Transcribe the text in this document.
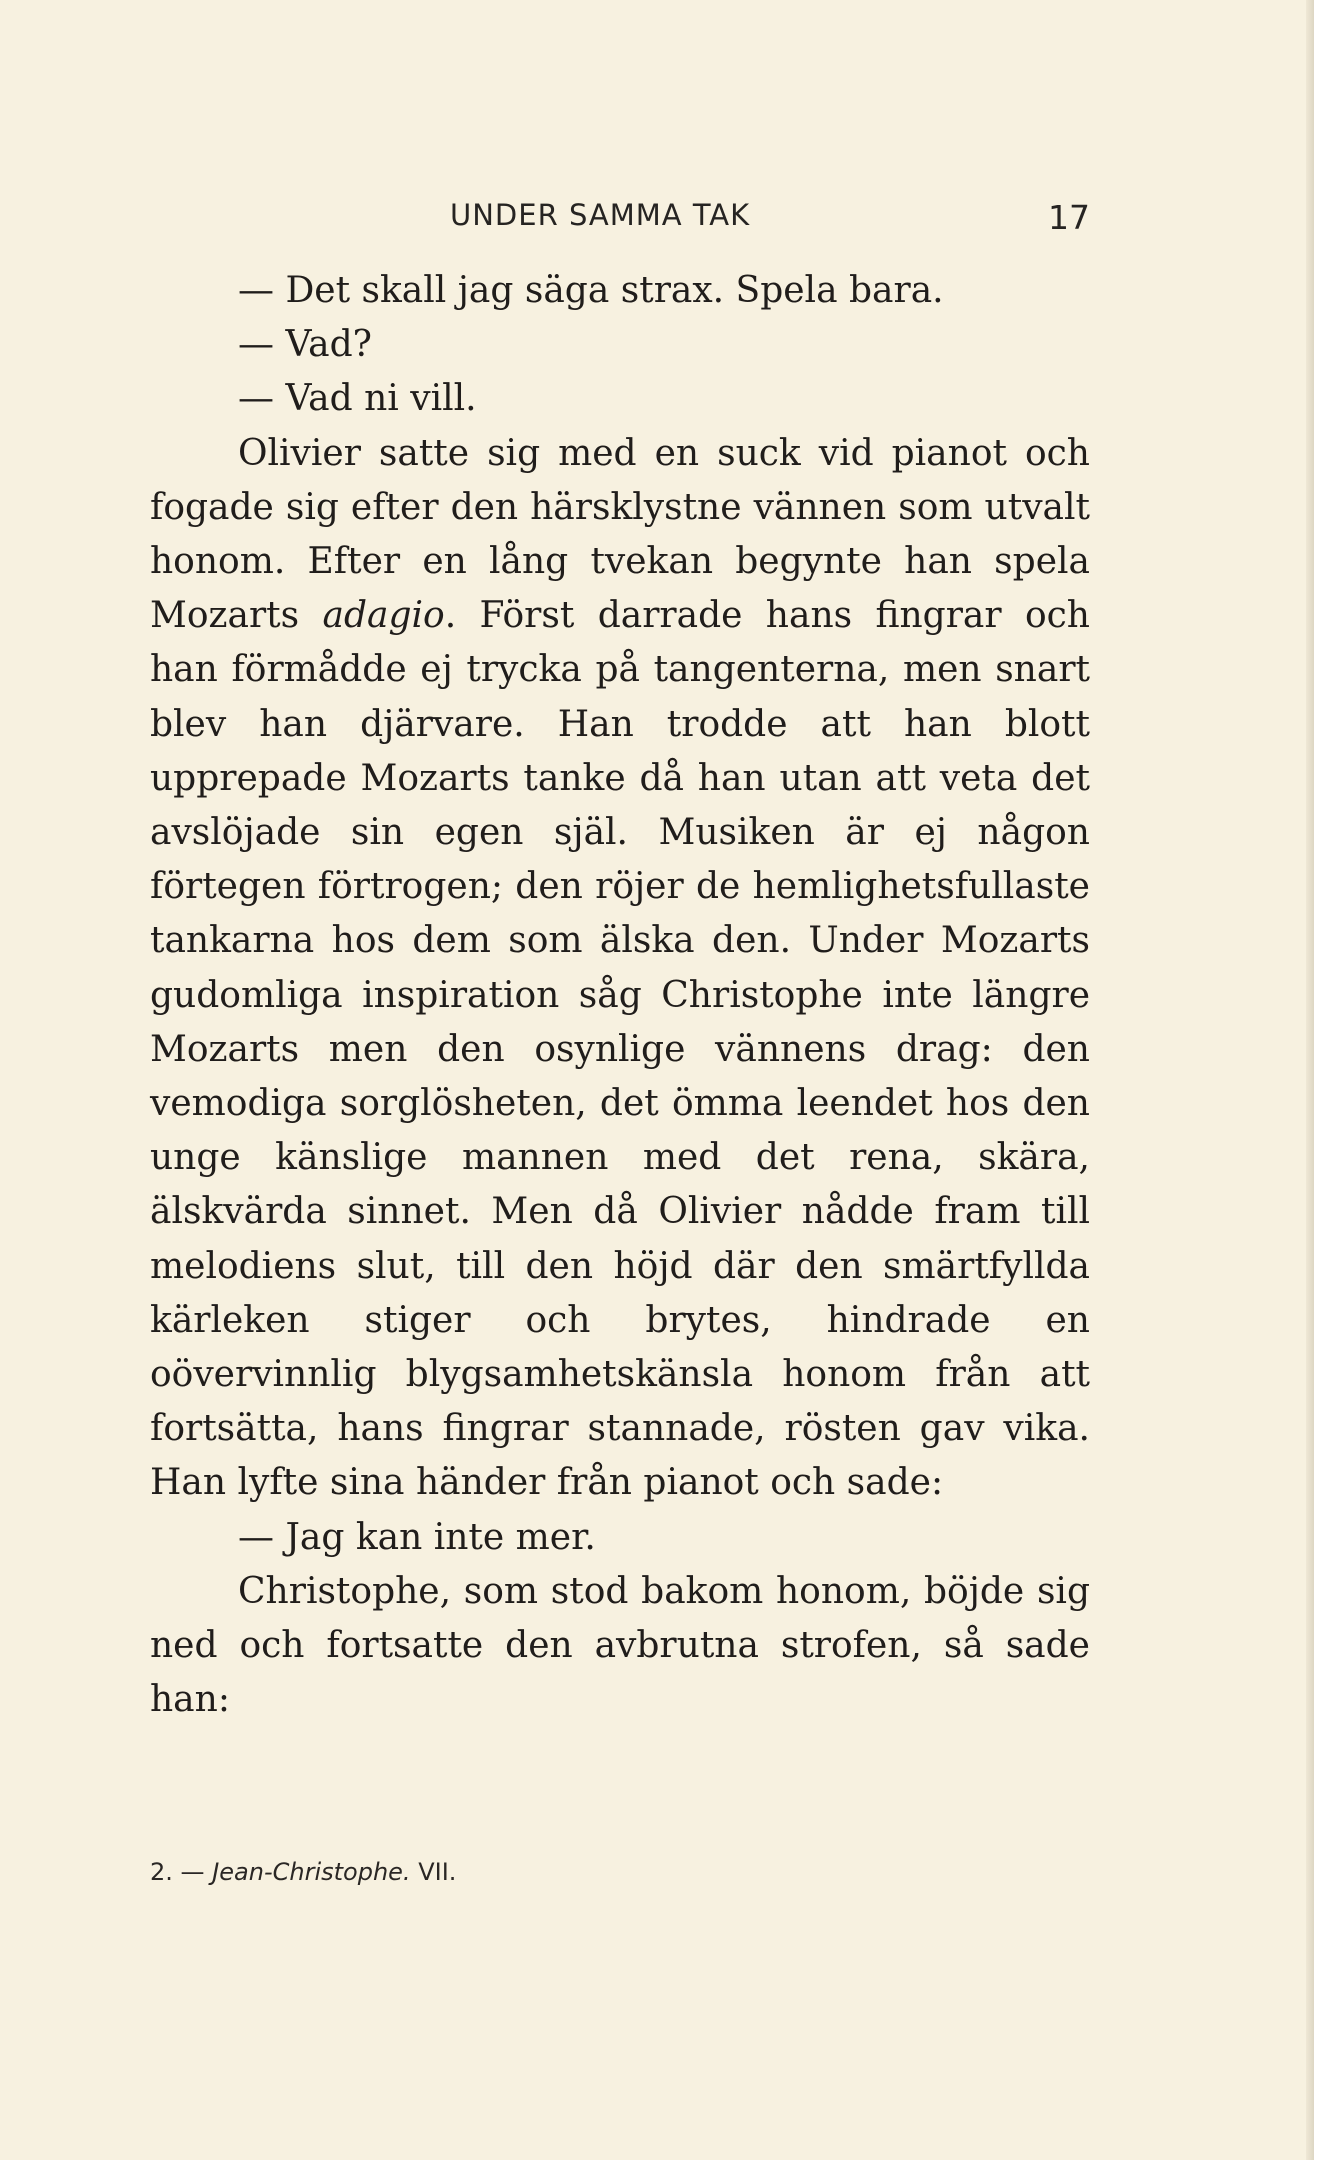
UNDER SAMMA TAK	17

— Det skall jag säga strax. Spela bara.

— Vad?

— Vad ni vill.

Olivier satte sig med en suck vid pianot och fogade sig efter den härsklystne vännen som utvalt honom. Efter en lång tvekan begynte han spela Mozarts adagio. Först darrade hans fingrar och han förmådde ej trycka på tangenterna, men snart blev han djärvare. Han trodde att han blott upprepade Mozarts tanke då han utan att veta det avslöjade sin egen själ. Musiken är ej någon förtegen förtrogen; den röjer de hemlighetsfullaste tankarna hos dem som älska den. Under Mozarts gudomliga inspiration såg Christophe inte längre Mozarts men den osynlige vännens drag: den vemodiga sorglösheten, det ömma leendet hos den unge känslige mannen med det rena, skära, älskvärda sinnet. Men då Olivier nådde fram till melodiens slut, till den höjd där den smärtfyllda kärleken stiger och brytes, hindrade en oövervinnlig blygsamhetskänsla honom från att fortsätta, hans fingrar stannade, rösten gav vika. Han lyfte sina händer från pianot och sade:

— Jag kan inte mer.

Christophe, som stod bakom honom, böjde sig ned och fortsatte den avbrutna strofen, så sade han:

2. — Jean-Christophe. VII.
